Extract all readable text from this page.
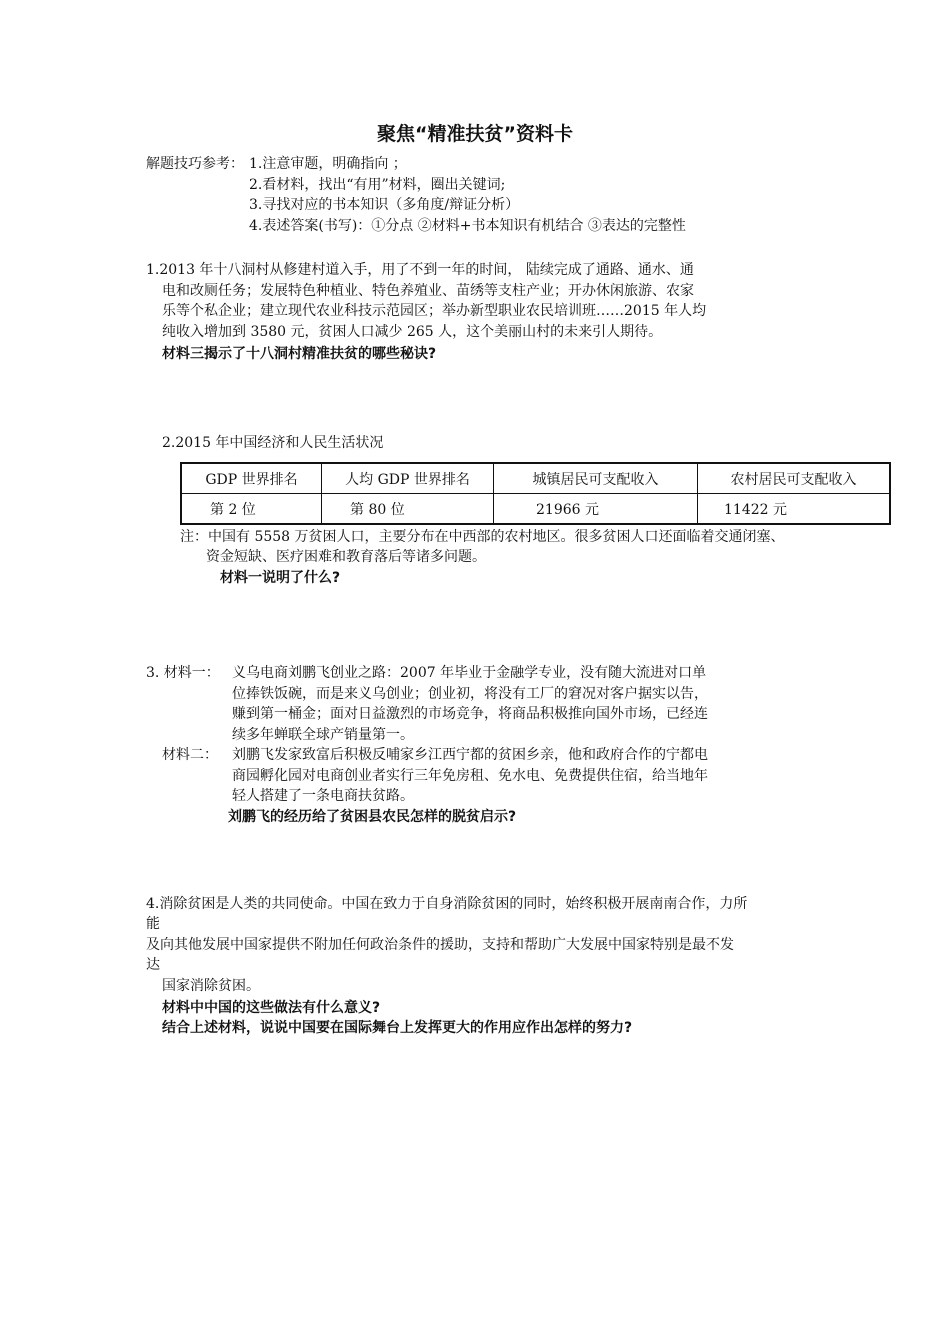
聚焦“精准扶贫”资料卡
解题技巧参考： 1.注意审题，明确指向 ；
2.看材料，找出“有用”材料，圈出关键词;
3.寻找对应的书本知识（多角度/辩证分析）
4.表述答案(书写)：①分点 ②材料+书本知识有机结合 ③表达的完整性
1.2013 年十八洞村从修建村道入手，用了不到一年的时间， 陆续完成了通路、通水、通
电和改厕任务；发展特色种植业、特色养殖业、苗绣等支柱产业；开办休闲旅游、农家
乐等个私企业；建立现代农业科技示范园区；举办新型职业农民培训班……2015 年人均
纯收入增加到 3580 元，贫困人口减少 265 人，这个美丽山村的未来引人期待。
材料三揭示了十八洞村精准扶贫的哪些秘诀?
2.2015 年中国经济和人民生活状况
GDP 世界排名	人均 GDP 世界排名	城镇居民可支配收入	农村居民可支配收入
第 2 位	第 80 位	21966 元	11422 元
注：中国有 5558 万贫困人口，主要分布在中西部的农村地区。很多贫困人口还面临着交通闭塞、
资金短缺、医疗困难和教育落后等诸多问题。
材料一说明了什么?
3. 材料一： 义乌电商刘鹏飞创业之路：2007 年毕业于金融学专业，没有随大流进对口单
位捧铁饭碗，而是来义乌创业；创业初，将没有工厂的窘况对客户据实以告，
赚到第一桶金；面对日益激烈的市场竞争，将商品积极推向国外市场，已经连
续多年蝉联全球产销量第一。
材料二： 刘鹏飞发家致富后积极反哺家乡江西宁都的贫困乡亲，他和政府合作的宁都电
商园孵化园对电商创业者实行三年免房租、免水电、免费提供住宿，给当地年
轻人搭建了一条电商扶贫路。
刘鹏飞的经历给了贫困县农民怎样的脱贫启示?
4.消除贫困是人类的共同使命。中国在致力于自身消除贫困的同时，始终积极开展南南合作，力所
能
及向其他发展中国家提供不附加任何政治条件的援助，支持和帮助广大发展中国家特别是最不发
达
国家消除贫困。
材料中中国的这些做法有什么意义?
结合上述材料，说说中国要在国际舞台上发挥更大的作用应作出怎样的努力?
